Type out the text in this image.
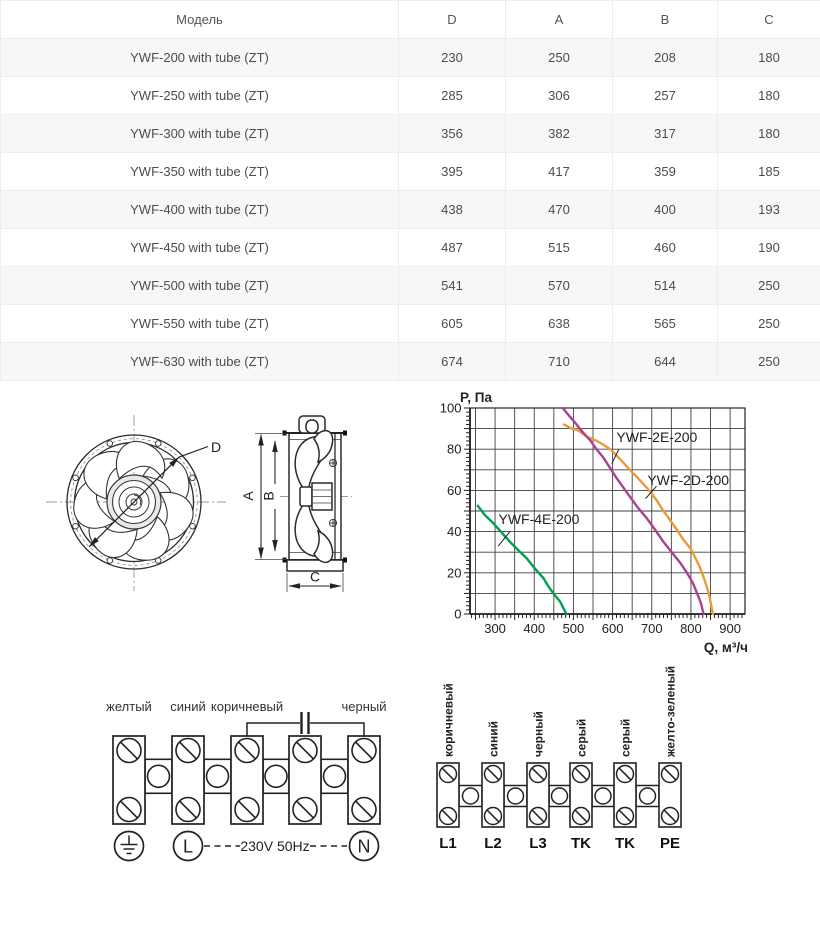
Модель	D	A	B	C
YWF-200 with tube (ZT)	230	250	208	180
YWF-250 with tube (ZT)	285	306	257	180
YWF-300 with tube (ZT)	356	382	317	180
YWF-350 with tube (ZT)	395	417	359	185
YWF-400 with tube (ZT)	438	470	400	193
YWF-450 with tube (ZT)	487	515	460	190
YWF-500 with tube (ZT)	541	570	514	250
YWF-550 with tube (ZT)	605	638	565	250
YWF-630 with tube (ZT)	674	710	644	250
D
A B
C
300 400 500 600 700 800 900
0
20
40
60
80
100
P, Па
Q, м³/ч
YWF-4E-200
YWF-2E-200
YWF-2D-200
желтый синий коричневый	черный
L	230V 50Hz	N
коричневый	синий	черный серый	серый	желто-зеленый
L1 L2 L3 TK TK PE
